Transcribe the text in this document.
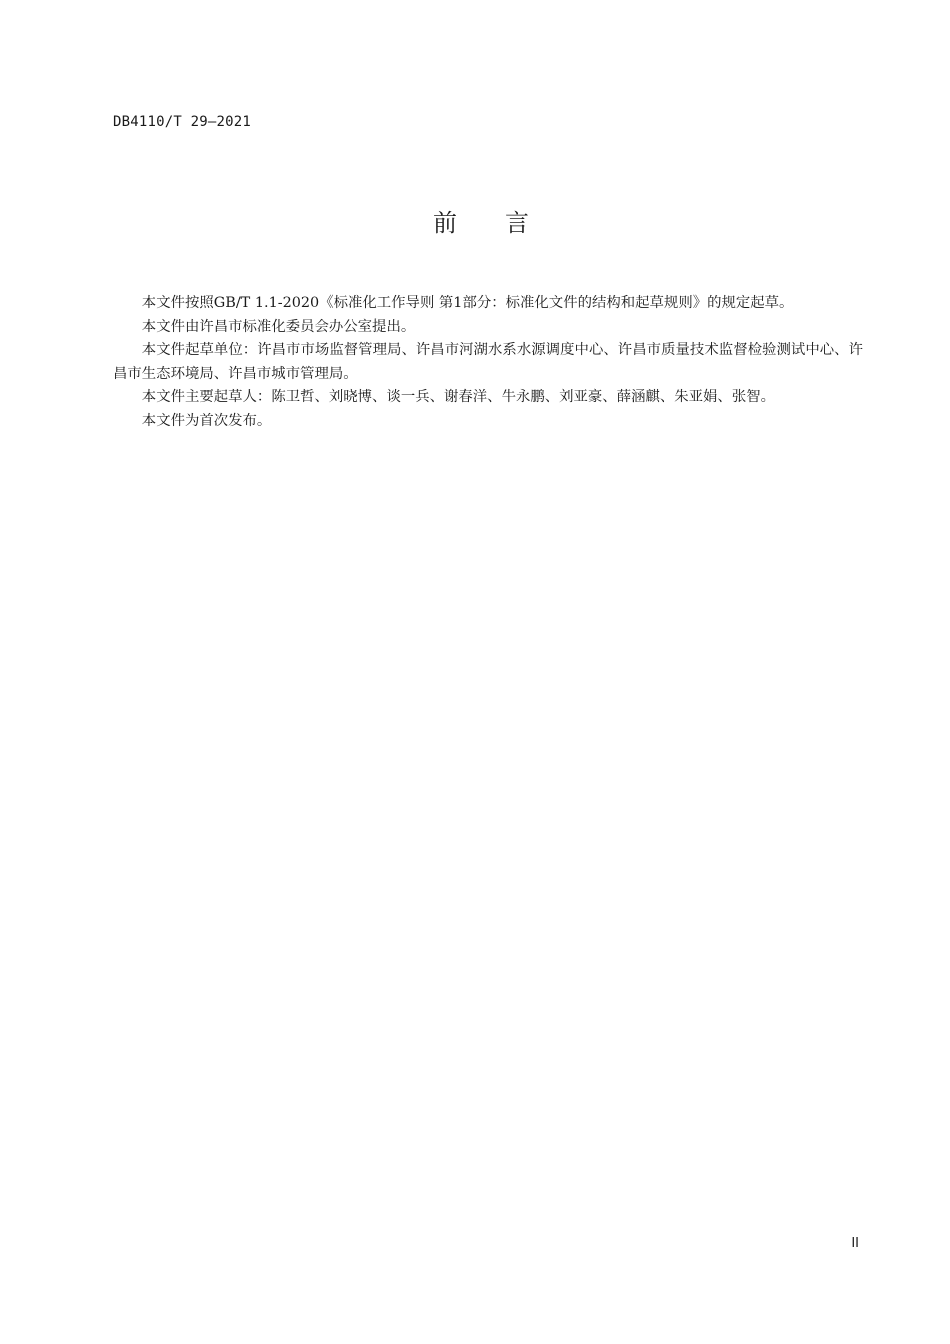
DB4110/T 29—2021
前言

本文件按照GB/T 1.1-2020《标准化工作导则 第1部分：标准化文件的结构和起草规则》的规定起草。

本文件由许昌市标准化委员会办公室提出。

本文件起草单位：许昌市市场监督管理局、许昌市河湖水系水源调度中心、许昌市质量技术监督检验测试中心、许昌市生态环境局、许昌市城市管理局。

本文件主要起草人：陈卫哲、刘晓博、谈一兵、谢春洋、牛永鹏、刘亚豪、薛涵麒、朱亚娟、张智。

本文件为首次发布。

II
